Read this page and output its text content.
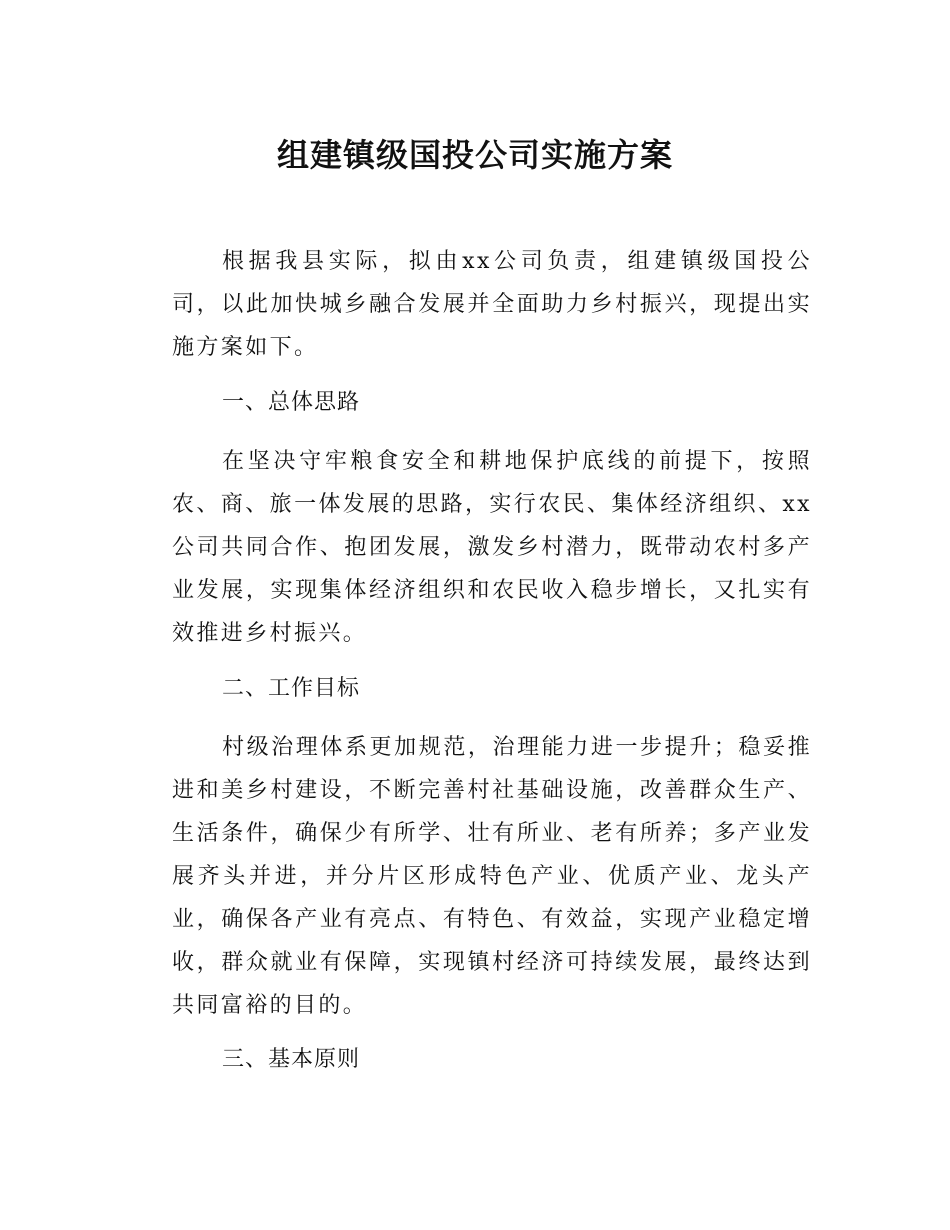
组建镇级国投公司实施方案

根据我县实际，拟由xx公司负责，组建镇级国投公司，以此加快城乡融合发展并全面助力乡村振兴，现提出实施方案如下。

一、总体思路

在坚决守牢粮食安全和耕地保护底线的前提下，按照农、商、旅一体发展的思路，实行农民、集体经济组织、xx公司共同合作、抱团发展，激发乡村潜力，既带动农村多产业发展，实现集体经济组织和农民收入稳步增长，又扎实有效推进乡村振兴。

二、工作目标

村级治理体系更加规范，治理能力进一步提升；稳妥推进和美乡村建设，不断完善村社基础设施，改善群众生产、生活条件，确保少有所学、壮有所业、老有所养；多产业发展齐头并进，并分片区形成特色产业、优质产业、龙头产业，确保各产业有亮点、有特色、有效益，实现产业稳定增收，群众就业有保障，实现镇村经济可持续发展，最终达到共同富裕的目的。

三、基本原则
